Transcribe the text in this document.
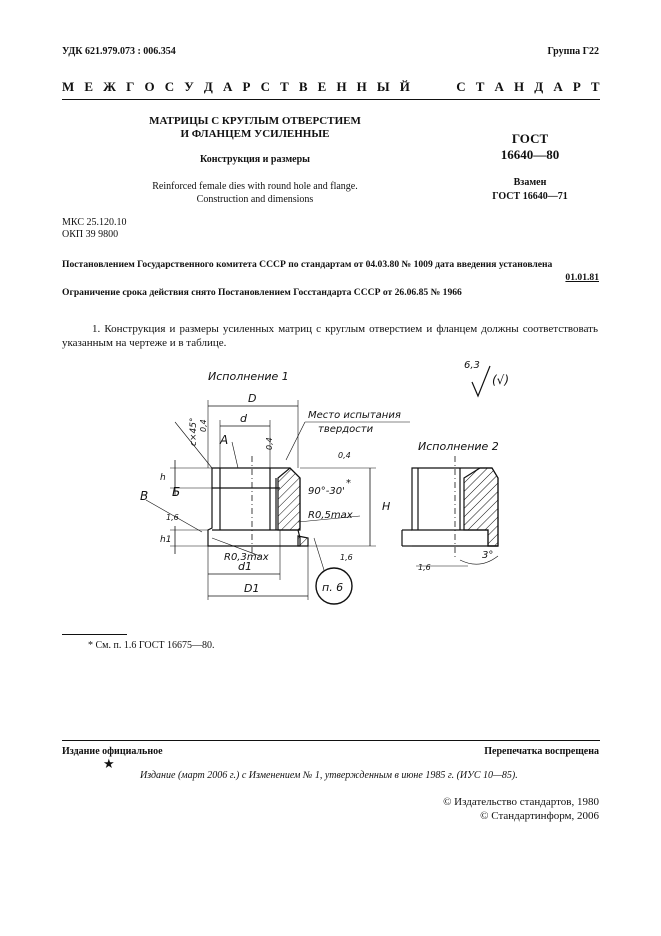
УДК 621.979.073 : 006.354	Группа Г22
М Е Ж Г О С У Д А Р С Т В Е Н Н Ы Й	С Т А Н Д А Р Т
МАТРИЦЫ С КРУГЛЫМ ОТВЕРСТИЕМ
И ФЛАНЦЕМ УСИЛЕННЫЕ
Конструкция и размеры
Reinforced female dies with round hole and flange.
Construction and dimensions
ГОСТ
16640—80
Взамен
ГОСТ 16640—71
МКС 25.120.10
ОКП 39 9800
Постановлением Государственного комитета СССР по стандартам от 04.03.80 № 1009 дата введения установлена
01.01.81
Ограничение срока действия снято Постановлением Госстандарта СССР от 26.06.85 № 1966
1. Конструкция и размеры усиленных матриц с круглым отверстием и фланцем должны соответствовать указанным на чертеже и в таблице.
Исполнение 1
Исполнение 2
6,3
(√)
D
d
H
d1
D1
h
h1
А
Б
В
c×45°
Место испытания
твердости
90°-30'
*
R0,5max
R0,3max
0,4
0,4
0,4
1,6
1,6
1,6
п. 6
3°
* См. п. 1.6 ГОСТ 16675—80.
Издание официальное	Перепечатка воспрещена
★
Издание (март 2006 г.) с Изменением № 1, утвержденным в июне 1985 г. (ИУС 10—85).
© Издательство стандартов, 1980
© Стандартинформ, 2006
